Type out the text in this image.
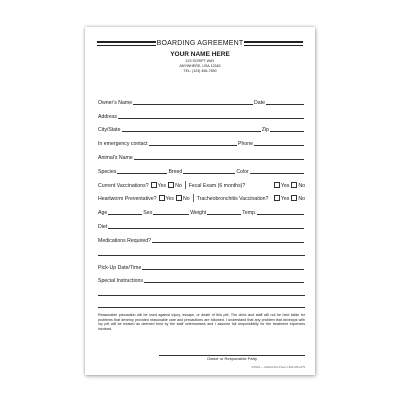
BOARDING AGREEMENT
YOUR NAME HERE
123 SCRIPT WAY
ANYWHERE, USA 12345
TEL: (123) 456-7890
Owner's Name	Date
Address
City/State	Zip
In emergency contact	Phone
Animal's Name
Species	Breed	Color
Current Vaccinations? Yes No Fecal Exam (6 months)?	Yes No
Heartworm Preventative? Yes No Tracheobronchitis Vaccination? Yes No
Age	Sex	Weight	Temp.
Diet
Medications Required?
Pick-Up Date/Time
Special Instructions
Reasonable precaution will be used against injury, escape, or death of this pet. The clinic and staff will not be held liable for problems that develop provided reasonable care and precautions are followed. I understand that any problem that develops with my pet will be treated as deemed best by the staff veterinarians and I assume full responsibility for the treatment expenses involved.
Owner or Responsible Party
6/15/21 — Medical Arts Press 1-800-328-2179
